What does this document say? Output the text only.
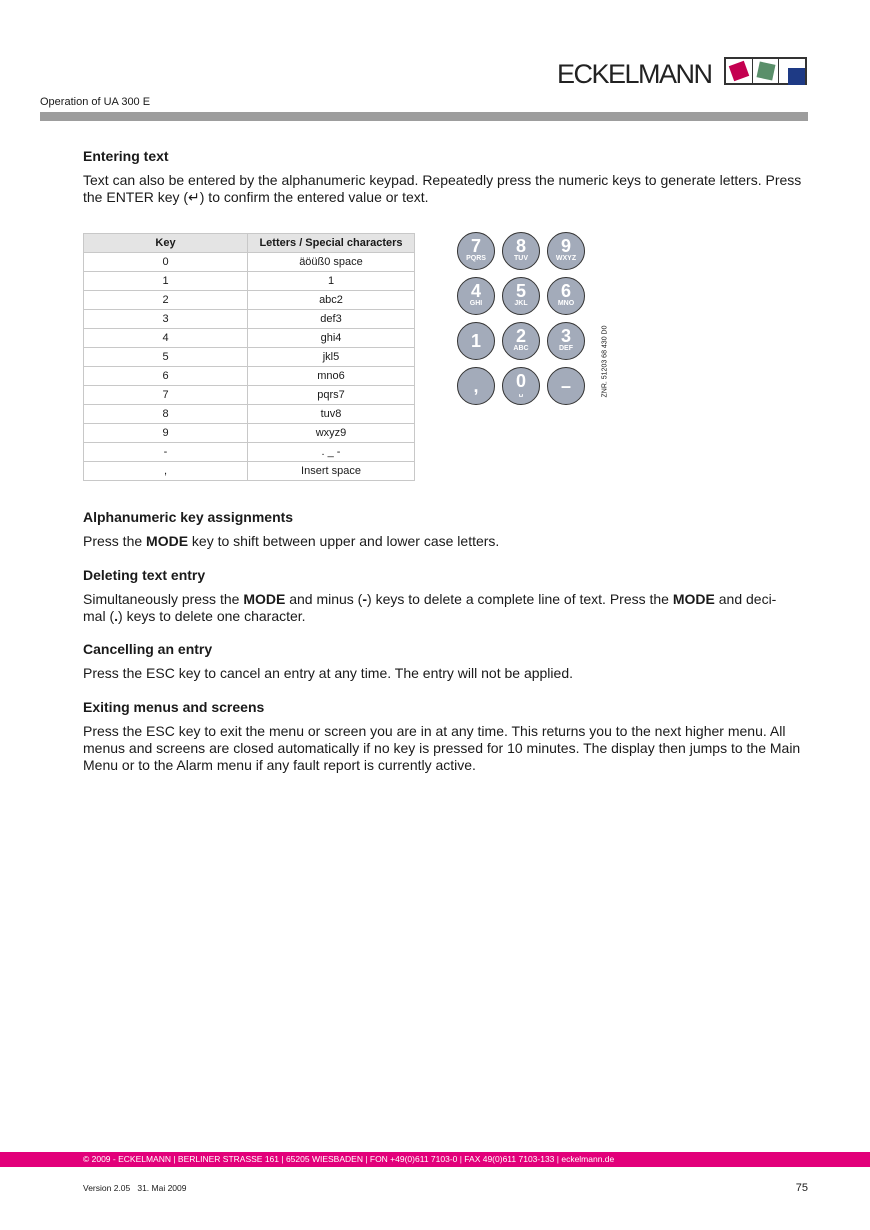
Operation of UA 300 E
ECKELMANN
Entering text
Text can also be entered by the alphanumeric keypad. Repeatedly press the numeric keys to generate letters. Press the ENTER key (↵) to confirm the entered value or text.
Key	Letters / Special characters
0	äöüß0 space
1	1
2	abc2
3	def3
4	ghi4
5	jkl5
6	mno6
7	pqrs7
8	tuv8
9	wxyz9
-	. _ -
,	Insert space
7
PQRS
8
TUV
9
WXYZ
4
GHI
5
JKL
6
MNO
1	2
ABC
3
DEF
,	0
␣	–	ZNR. 51203 68 430 D0
Alphanumeric key assignments
Press the MODE key to shift between upper and lower case letters.
Deleting text entry
Simultaneously press the MODE and minus (-) keys to delete a complete line of text. Press the MODE and deci-
mal (.) keys to delete one character.
Cancelling an entry
Press the ESC key to cancel an entry at any time. The entry will not be applied.
Exiting menus and screens
Press the ESC key to exit the menu or screen you are in at any time. This returns you to the next higher menu. All menus and screens are closed automatically if no key is pressed for 10 minutes. The display then jumps to the Main Menu or to the Alarm menu if any fault report is currently active.
© 2009 - ECKELMANN | BERLINER STRASSE 161 | 65205 WIESBADEN | FON +49(0)611 7103-0 | FAX 49(0)611 7103-133 | eckelmann.de
Version 2.05   31. Mai 2009	75
